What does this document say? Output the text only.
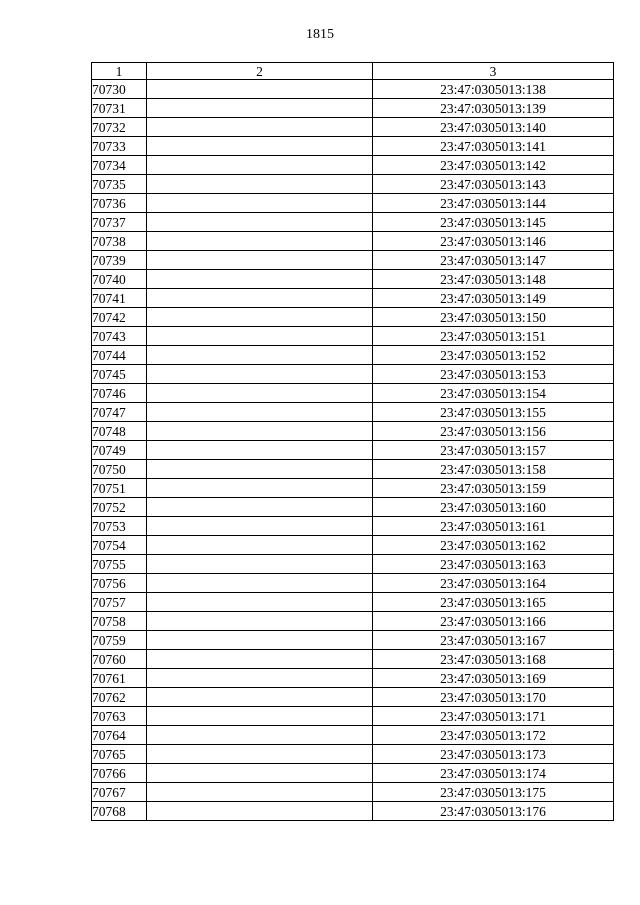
1815
1	2	3
70730		23:47:0305013:138
70731		23:47:0305013:139
70732		23:47:0305013:140
70733		23:47:0305013:141
70734		23:47:0305013:142
70735		23:47:0305013:143
70736		23:47:0305013:144
70737		23:47:0305013:145
70738		23:47:0305013:146
70739		23:47:0305013:147
70740		23:47:0305013:148
70741		23:47:0305013:149
70742		23:47:0305013:150
70743		23:47:0305013:151
70744		23:47:0305013:152
70745		23:47:0305013:153
70746		23:47:0305013:154
70747		23:47:0305013:155
70748		23:47:0305013:156
70749		23:47:0305013:157
70750		23:47:0305013:158
70751		23:47:0305013:159
70752		23:47:0305013:160
70753		23:47:0305013:161
70754		23:47:0305013:162
70755		23:47:0305013:163
70756		23:47:0305013:164
70757		23:47:0305013:165
70758		23:47:0305013:166
70759		23:47:0305013:167
70760		23:47:0305013:168
70761		23:47:0305013:169
70762		23:47:0305013:170
70763		23:47:0305013:171
70764		23:47:0305013:172
70765		23:47:0305013:173
70766		23:47:0305013:174
70767		23:47:0305013:175
70768		23:47:0305013:176
